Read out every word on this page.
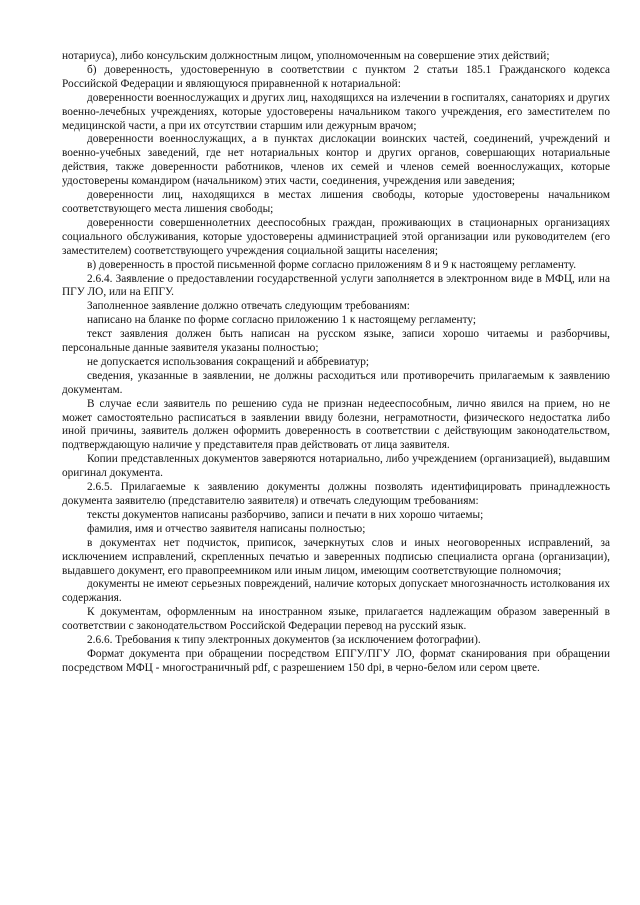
нотариуса), либо консульским должностным лицом, уполномоченным на совершение этих действий;

б) доверенность, удостоверенную в соответствии с пунктом 2 статьи 185.1 Гражданского кодекса Российской Федерации и являющуюся приравненной к нотариальной:

доверенности военнослужащих и других лиц, находящихся на излечении в госпиталях, санаториях и других военно-лечебных учреждениях, которые удостоверены начальником такого учреждения, его заместителем по медицинской части, а при их отсутствии старшим или дежурным врачом;

доверенности военнослужащих, а в пунктах дислокации воинских частей, соединений, учреждений и военно-учебных заведений, где нет нотариальных контор и других органов, совершающих нотариальные действия, также доверенности работников, членов их семей и членов семей военнослужащих, которые удостоверены командиром (начальником) этих части, соединения, учреждения или заведения;

доверенности лиц, находящихся в местах лишения свободы, которые удостоверены начальником соответствующего места лишения свободы;

доверенности совершеннолетних дееспособных граждан, проживающих в стационарных организациях социального обслуживания, которые удостоверены администрацией этой организации или руководителем (его заместителем) соответствующего учреждения социальной защиты населения;

в) доверенность в простой письменной форме согласно приложениям 8 и 9 к настоящему регламенту.

2.6.4. Заявление о предоставлении государственной услуги заполняется в электронном виде в МФЦ, или на ПГУ ЛО, или на ЕПГУ.

Заполненное заявление должно отвечать следующим требованиям:

написано на бланке по форме согласно приложению 1 к настоящему регламенту;

текст заявления должен быть написан на русском языке, записи хорошо читаемы и разборчивы, персональные данные заявителя указаны полностью;

не допускается использования сокращений и аббревиатур;

сведения, указанные в заявлении, не должны расходиться или противоречить прилагаемым к заявлению документам.

В случае если заявитель по решению суда не признан недееспособным, лично явился на прием, но не может самостоятельно расписаться в заявлении ввиду болезни, неграмотности, физического недостатка либо иной причины, заявитель должен оформить доверенность в соответствии с действующим законодательством, подтверждающую наличие у представителя прав действовать от лица заявителя.

Копии представленных документов заверяются нотариально, либо учреждением (организацией), выдавшим оригинал документа.

2.6.5. Прилагаемые к заявлению документы должны позволять идентифицировать принадлежность документа заявителю (представителю заявителя) и отвечать следующим требованиям:

тексты документов написаны разборчиво, записи и печати в них хорошо читаемы;

фамилия, имя и отчество заявителя написаны полностью;

в документах нет подчисток, приписок, зачеркнутых слов и иных неоговоренных исправлений, за исключением исправлений, скрепленных печатью и заверенных подписью специалиста органа (организации), выдавшего документ, его правопреемником или иным лицом, имеющим соответствующие полномочия;

документы не имеют серьезных повреждений, наличие которых допускает многозначность истолкования их содержания.

К документам, оформленным на иностранном языке, прилагается надлежащим образом заверенный в соответствии с законодательством Российской Федерации перевод на русский язык.

2.6.6. Требования к типу электронных документов (за исключением фотографии).

Формат документа при обращении посредством ЕПГУ/ПГУ ЛО, формат сканирования при обращении посредством МФЦ - многостраничный pdf, с разрешением 150 dpi, в черно-белом или сером цвете.
